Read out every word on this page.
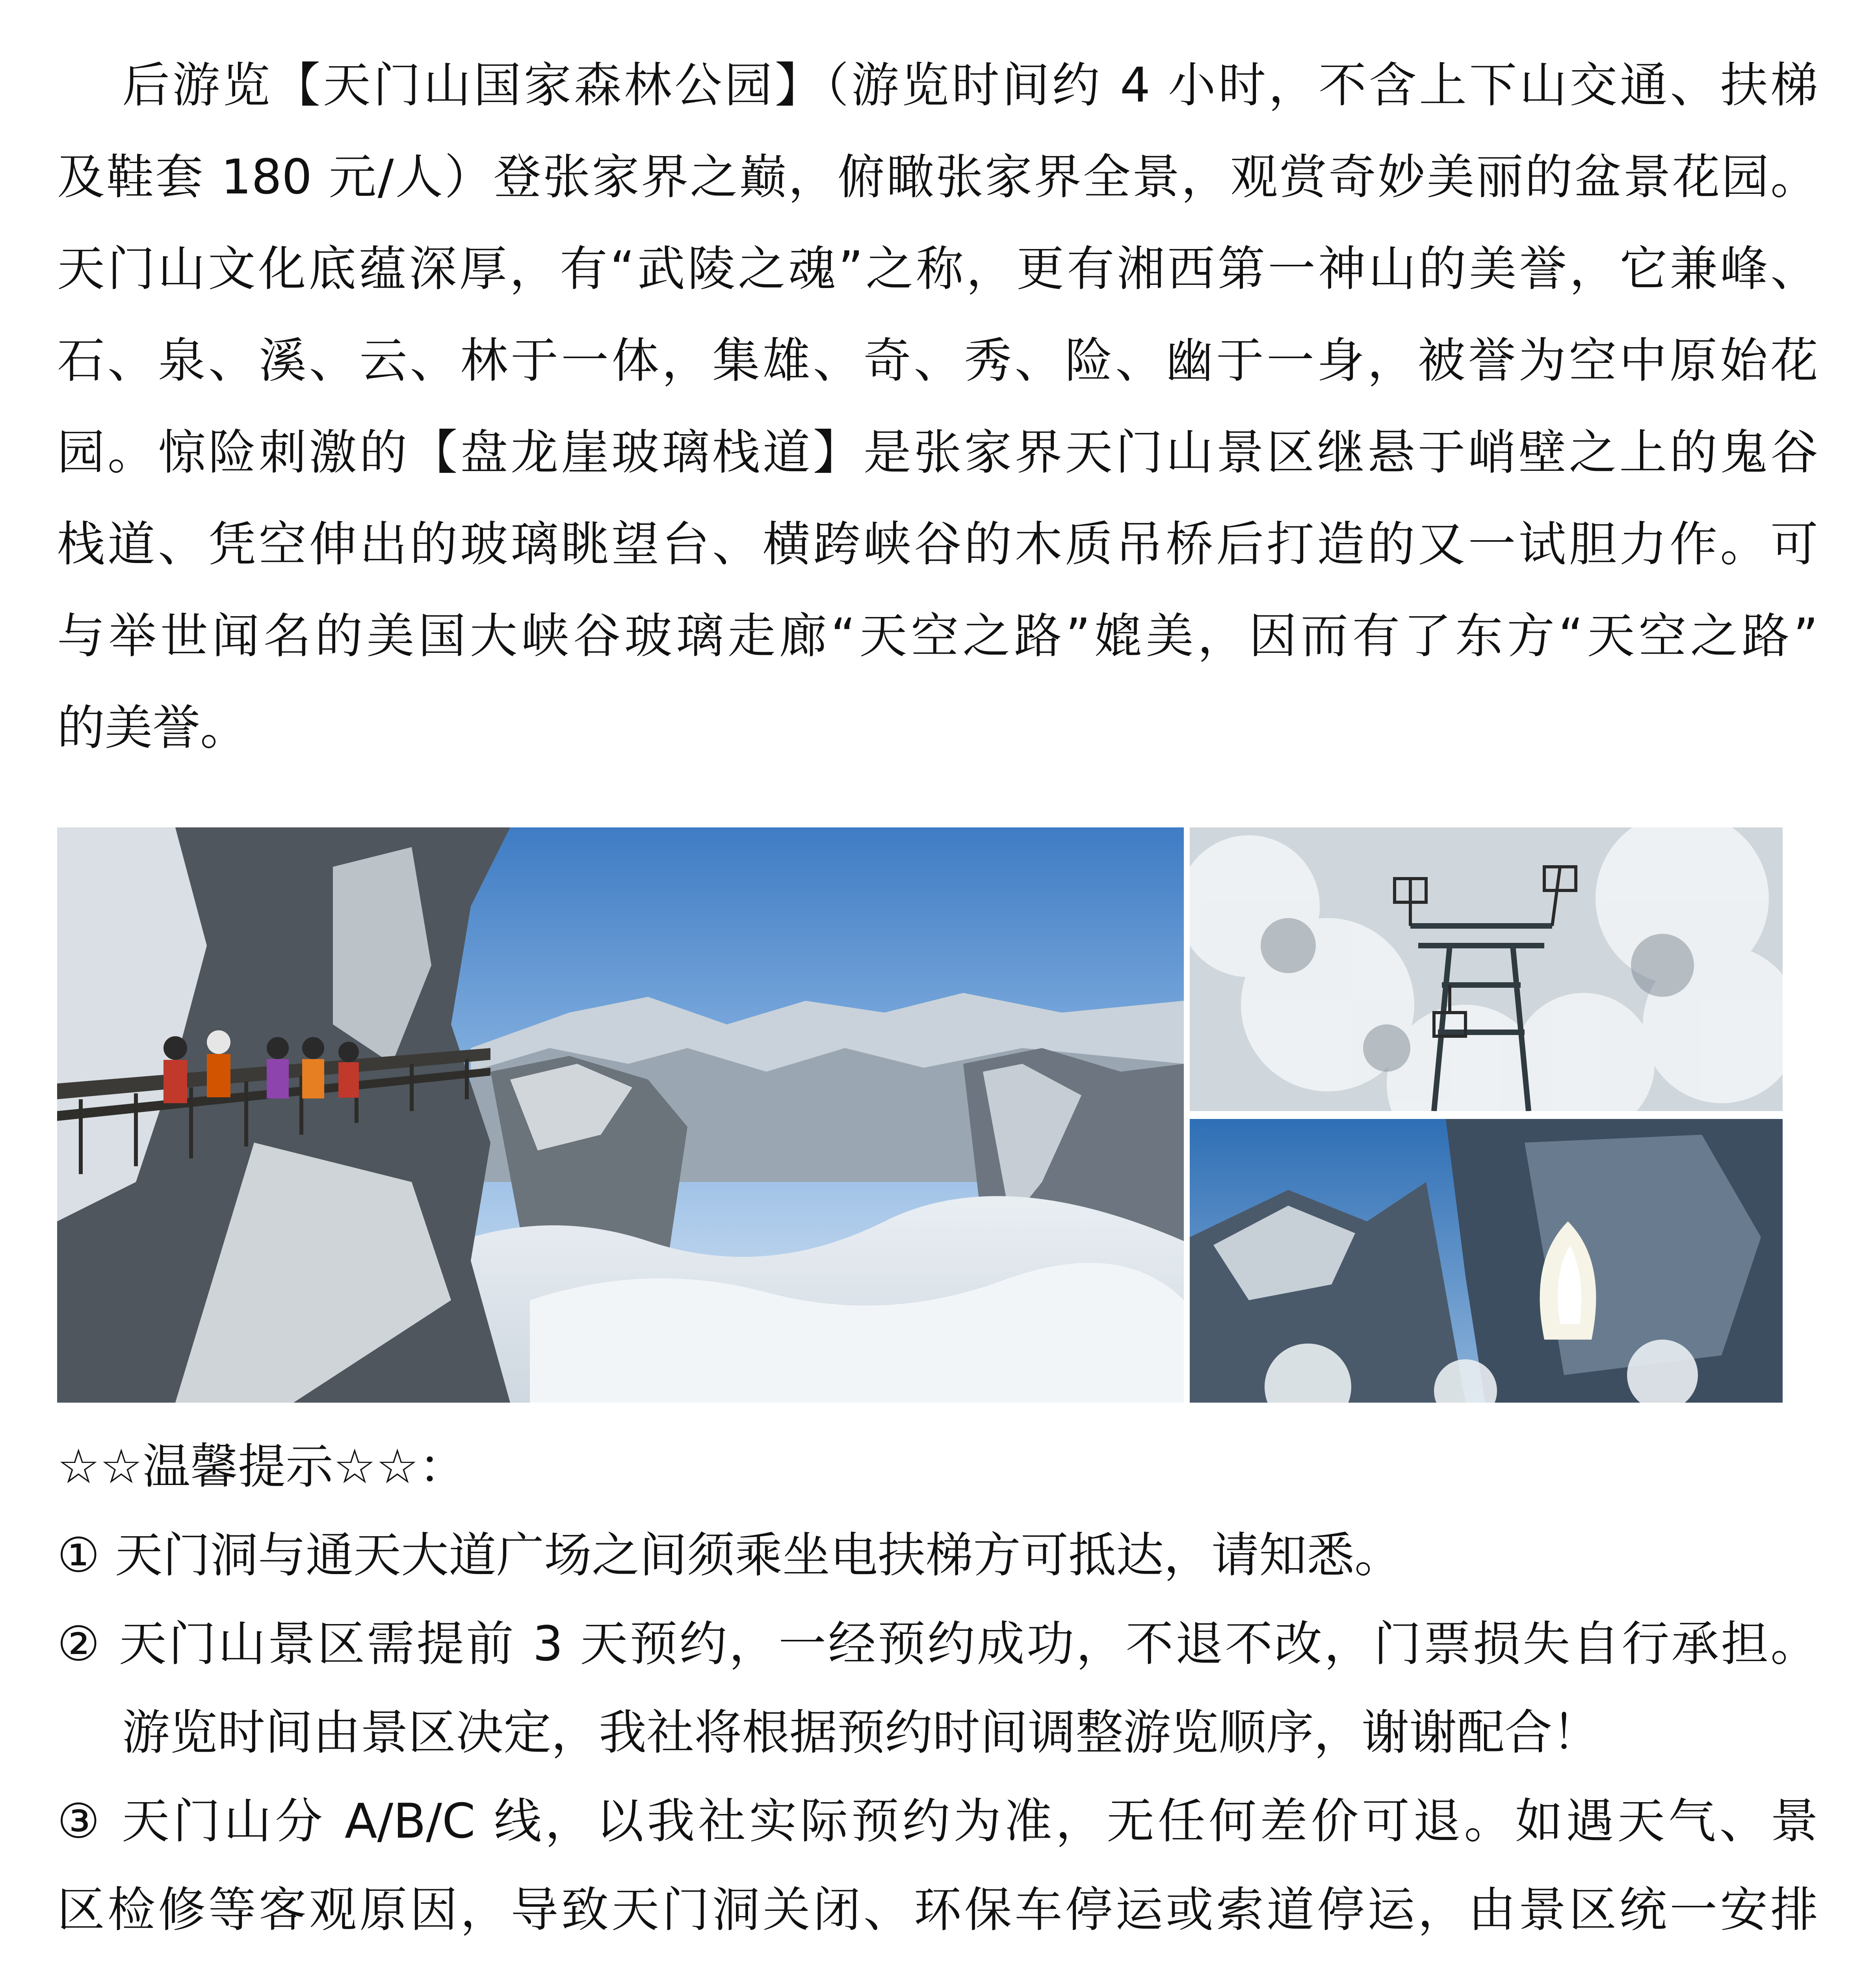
后游览【天门山国家森林公园】（游览时间约 4 小时，不含上下山交通、扶梯
及鞋套 180 元/人）登张家界之巅，俯瞰张家界全景，观赏奇妙美丽的盆景花园。
天门山文化底蕴深厚，有“武陵之魂”之称，更有湘西第一神山的美誉，它兼峰、
石、泉、溪、云、林于一体，集雄、奇、秀、险、幽于一身，被誉为空中原始花
园。惊险刺激的【盘龙崖玻璃栈道】是张家界天门山景区继悬于峭壁之上的鬼谷
栈道、凭空伸出的玻璃眺望台、横跨峡谷的木质吊桥后打造的又一试胆力作。可
与举世闻名的美国大峡谷玻璃走廊“天空之路”媲美，因而有了东方“天空之路”
的美誉。
☆☆温馨提示☆☆：
① 天门洞与通天大道广场之间须乘坐电扶梯方可抵达，请知悉。
② 天门山景区需提前 3 天预约，一经预约成功，不退不改，门票损失自行承担。
游览时间由景区决定，我社将根据预约时间调整游览顺序，谢谢配合！
③ 天门山分 A/B/C 线，以我社实际预约为准，无任何差价可退。如遇天气、景
区检修等客观原因，导致天门洞关闭、环保车停运或索道停运，由景区统一安排
